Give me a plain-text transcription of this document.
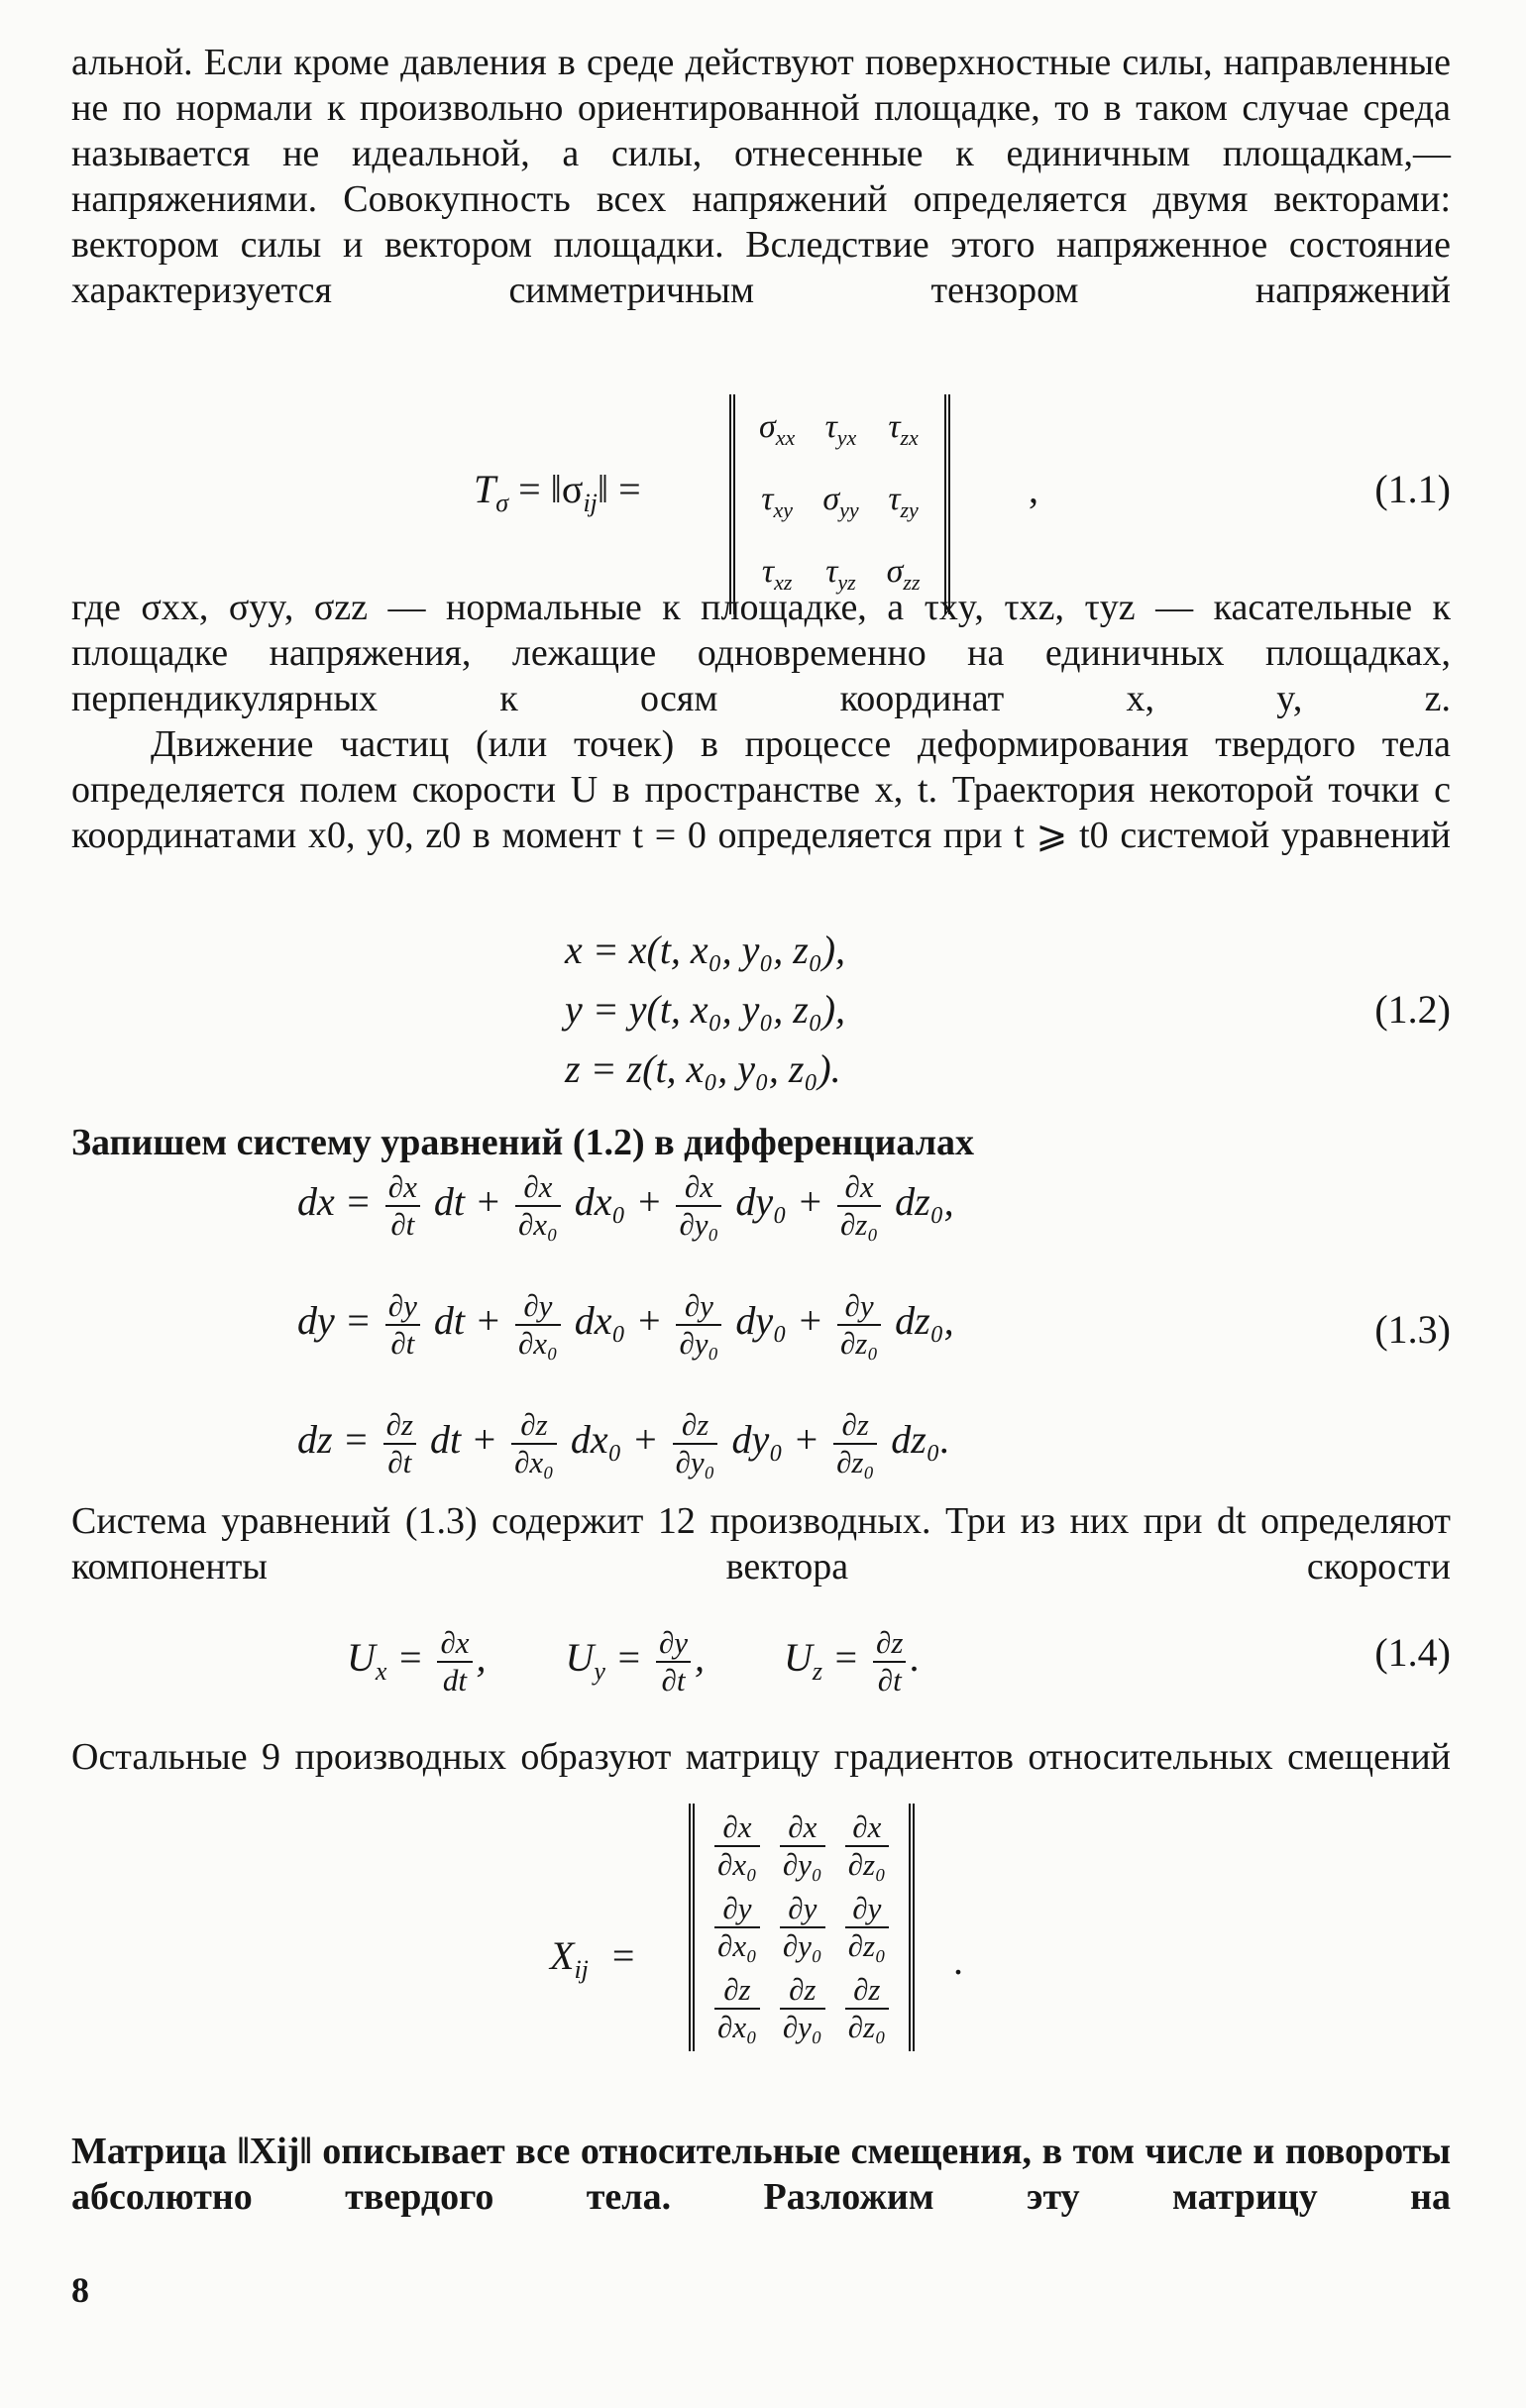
альной. Если кроме давления в среде действуют поверхностные силы, направленные не по нормали к произвольно ориентированной площадке, то в таком случае среда называется не идеальной, а силы, отнесенные к единичным площадкам,— напряжениями. Совокупность всех напряжений определяется двумя векторами: вектором силы и вектором площадки. Вследствие этого напряженное состояние характеризуется симметричным тензором напряжений
$T_\sigma$ = $‖\sigma_{ij}‖$ =
$\sigma_{xx}$	$\tau_{yx}$	$\tau_{zx}$
$\tau_{xy}$	$\sigma_{yy}$	$\tau_{zy}$
$\tau_{xz}$	$\tau_{yz}$	$\sigma_{zz}$
,	(1.1)
где σxx, σyy, σzz — нормальные к площадке, а τxy, τxz, τyz — касательные к площадке напряжения, лежащие одновременно на единичных площадках, перпендикулярных к осям координат x, y, z.
Движение частиц (или точек) в процессе деформирования твердого тела определяется полем скорости U в пространстве x, t. Траектория некоторой точки с координатами x0, y0, z0 в момент t = 0 определяется при t ⩾ t0 системой уравнений
x = x(t, x₀, y₀, z₀),
y = y(t, x₀, y₀, z₀),
z = z(t, x₀, y₀, z₀).
(1.2)
Запишем систему уравнений (1.2) в дифференциалах
dx = $\frac{\partial x}{\partial t}$ dt + $\frac{\partial x}{\text{∂x₀}} dx_0 + \frac{\partial x}{\text{∂y₀}} dy_0 + \frac{\partial x}{\text{∂z₀}} dz_0$,
dy = $\frac{\partial y}{\partial t}$ dt + $\frac{\partial y}{\text{∂x₀}} dx_0 + \frac{\partial y}{\text{∂y₀}} dy_0 + \frac{\partial y}{\text{∂z₀}} dz_0$,
dz = $\frac{\partial z}{\partial t}$ dt + $\frac{\partial z}{\text{∂x₀}} dx_0 + \frac{\partial z}{\text{∂y₀}} dy_0 + \frac{\partial z}{\text{∂z₀}} dz_0$.
(1.3)
Система уравнений (1.3) содержит 12 производных. Три из них при dt определяют компоненты вектора скорости
$U_x = \frac{\partial x}{dt}$ , $U_y = \frac{\partial y}{\partial t}$ , $U_z = \frac{\partial z}{\partial t}$ .	(1.4)
Остальные 9 производных образуют матрицу градиентов относительных смещений
$X_{ij}$ =
$\frac{\partial x}{\text{∂x₀}}$	$\frac{\partial x}{\text{∂y₀}}$	$\frac{\partial x}{\text{∂z₀}}$

$\frac{\partial y}{\text{∂x₀}}$	$\frac{\partial y}{\text{∂y₀}}$	$\frac{\partial y}{\text{∂z₀}}$

$\frac{\partial z}{\text{∂x₀}}$	$\frac{\partial z}{\text{∂y₀}}$	$\frac{\partial z}{\text{∂z₀}}$
.
Матрица ‖Xij‖ описывает все относительные смещения, в том числе и повороты абсолютно твердого тела. Разложим эту матрицу на
8
